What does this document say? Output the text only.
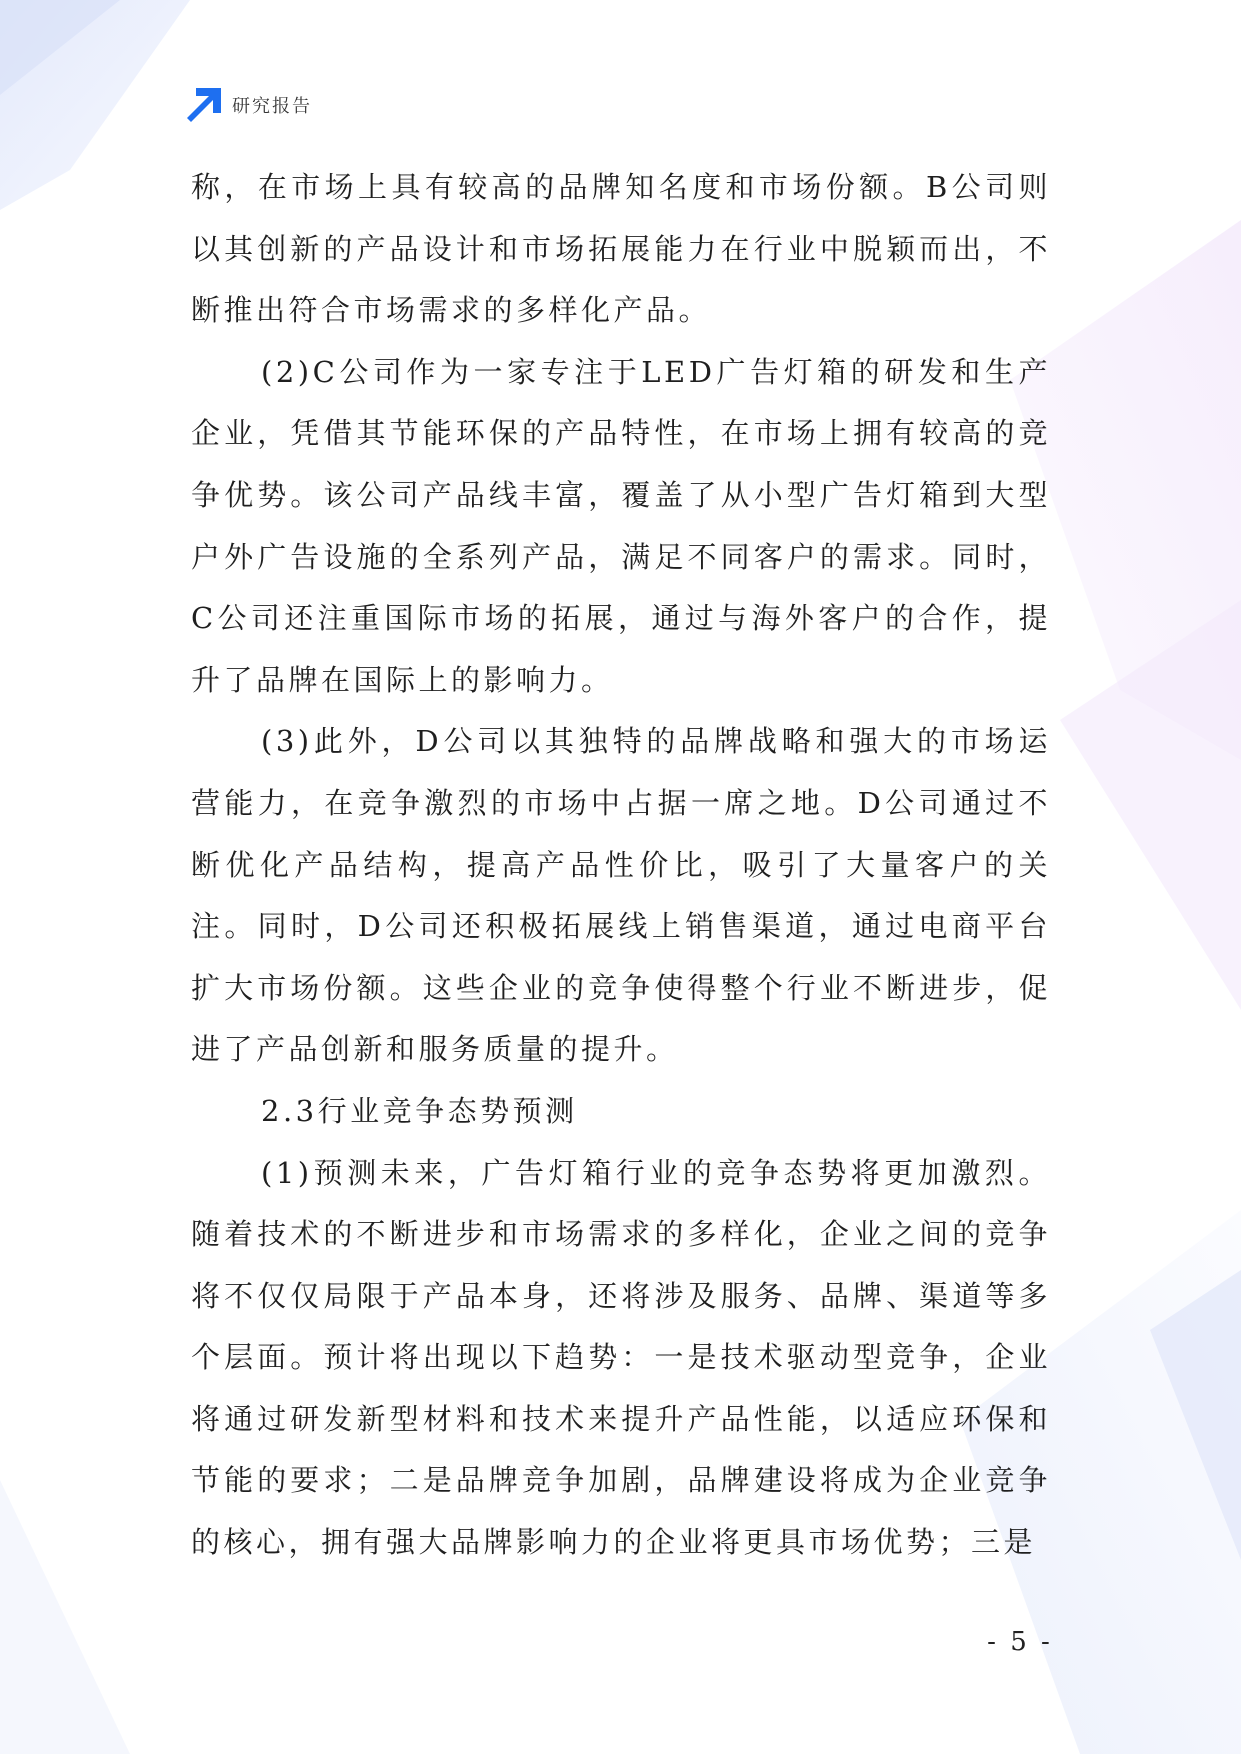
研究报告

称，在市场上具有较高的品牌知名度和市场份额。B公司则以其创新的产品设计和市场拓展能力在行业中脱颖而出，不断推出符合市场需求的多样化产品。

(2)C公司作为一家专注于LED广告灯箱的研发和生产企业，凭借其节能环保的产品特性，在市场上拥有较高的竞争优势。该公司产品线丰富，覆盖了从小型广告灯箱到大型户外广告设施的全系列产品，满足不同客户的需求。同时，C公司还注重国际市场的拓展，通过与海外客户的合作，提升了品牌在国际上的影响力。

(3)此外，D公司以其独特的品牌战略和强大的市场运营能力，在竞争激烈的市场中占据一席之地。D公司通过不断优化产品结构，提高产品性价比，吸引了大量客户的关注。同时，D公司还积极拓展线上销售渠道，通过电商平台扩大市场份额。这些企业的竞争使得整个行业不断进步，促进了产品创新和服务质量的提升。

2.3行业竞争态势预测

(1)预测未来，广告灯箱行业的竞争态势将更加激烈。随着技术的不断进步和市场需求的多样化，企业之间的竞争将不仅仅局限于产品本身，还将涉及服务、品牌、渠道等多个层面。预计将出现以下趋势：一是技术驱动型竞争，企业将通过研发新型材料和技术来提升产品性能，以适应环保和节能的要求；二是品牌竞争加剧，品牌建设将成为企业竞争的核心，拥有强大品牌影响力的企业将更具市场优势；三是

- 5 -
